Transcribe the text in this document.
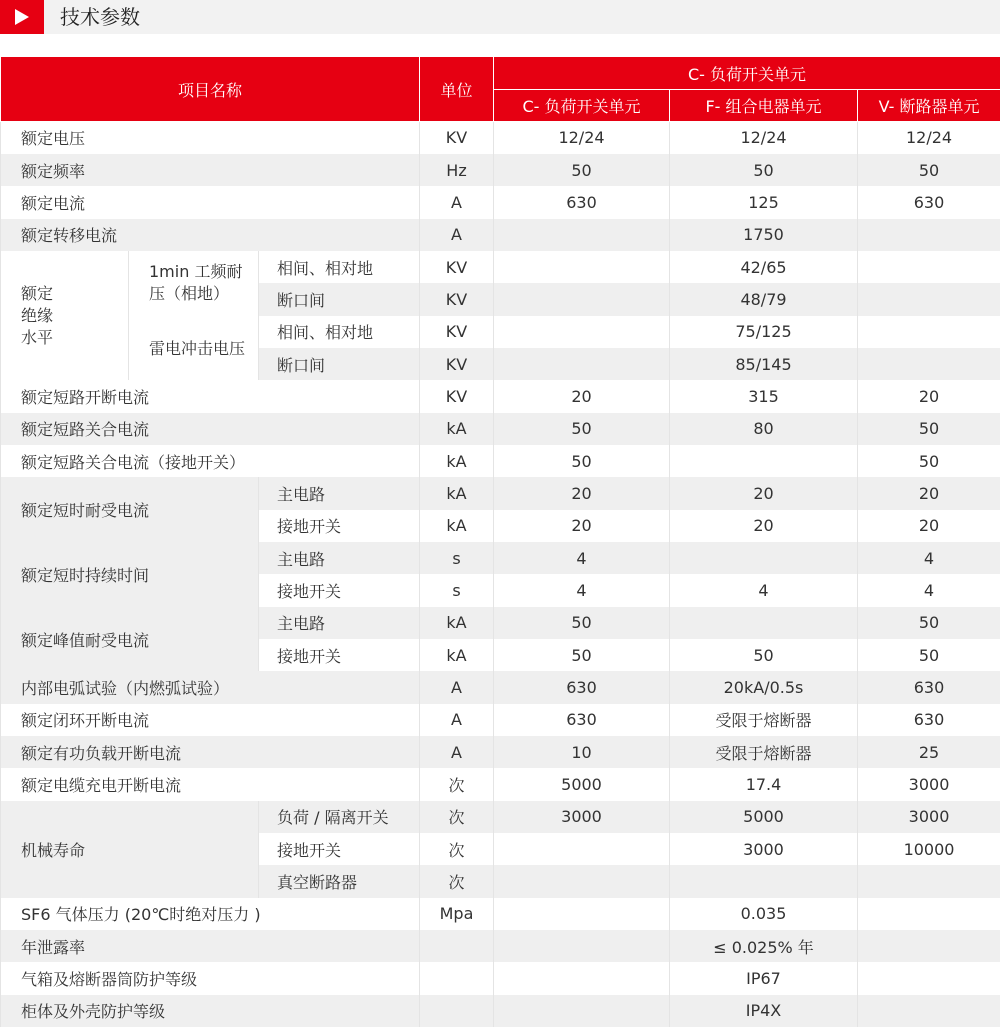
技术参数
项目名称			单位	C- 负荷开关单元		
				C- 负荷开关单元	F- 组合电器单元	V- 断路器单元
额定电压			KV	12/24	12/24	12/24
额定频率			Hz	50	50	50
额定电流			A	630	125	630
额定转移电流			A		1750	
额定绝缘水平	1min 工频耐压（相地）	相间、相对地	KV		42/65	
		断口间	KV		48/79	
	雷电冲击电压	相间、相对地	KV		75/125	
		断口间	KV		85/145	
额定短路开断电流			KV	20	315	20
额定短路关合电流			kA	50	80	50
额定短路关合电流（接地开关）			kA	50		50
额定短时耐受电流		主电路	kA	20	20	20
		接地开关	kA	20	20	20
额定短时持续时间		主电路	s	4		4
		接地开关	s	4	4	4
额定峰值耐受电流		主电路	kA	50		50
		接地开关	kA	50	50	50
内部电弧试验（内燃弧试验）			A	630	20kA/0.5s	630
额定闭环开断电流			A	630	受限于熔断器	630
额定有功负载开断电流			A	10	受限于熔断器	25
额定电缆充电开断电流			次	5000	17.4	3000
机械寿命		负荷 / 隔离开关	次	3000	5000	3000
		接地开关	次		3000	10000
		真空断路器	次			
SF6 气体压力 (20℃时绝对压力 )			Mpa		0.035	
年泄露率					≤ 0.025% 年	
气箱及熔断器筒防护等级					IP67	
柜体及外壳防护等级					IP4X	
